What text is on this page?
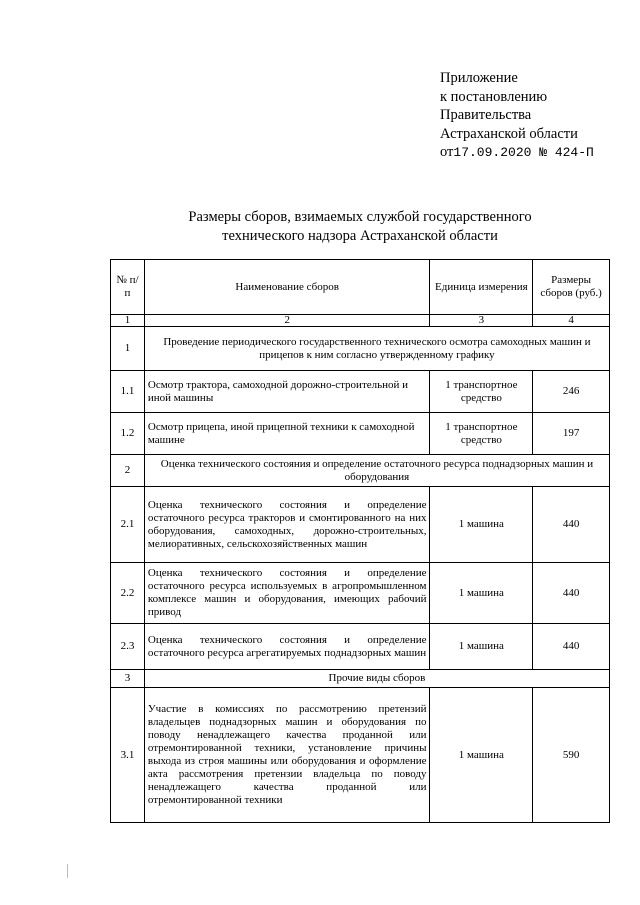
Приложение
к постановлению
Правительства
Астраханской области
от17.09.2020 № 424-П
Размеры сборов, взимаемых службой государственного
технического надзора Астраханской области
№ п/п	Наименование сборов	Единица измерения	Размеры сборов (руб.)
1	2	3	4
1	Проведение периодического государственного технического осмотра самоходных машин и прицепов к ним согласно утвержденному графику		
1.1	Осмотр трактора, самоходной дорожно-строительной и иной машины	1 транспортное средство	246
1.2	Осмотр прицепа, иной прицепной техники к самоходной машине	1 транспортное средство	197
2	Оценка технического состояния и определение остаточного ресурса поднадзорных машин и оборудования		
2.1	Оценка технического состояния и определение остаточного ресурса тракторов и смонтированного на них оборудования, самоходных, дорожно-строительных, мелиоративных, сельскохозяйственных машин	1 машина	440
2.2	Оценка технического состояния и определение остаточного ресурса используемых в агропромышленном комплексе машин и оборудования, имеющих рабочий привод	1 машина	440
2.3	Оценка технического состояния и определение остаточного ресурса агрегатируемых поднадзорных машин	1 машина	440
3	Прочие виды сборов		
3.1	Участие в комиссиях по рассмотрению претензий владельцев поднадзорных машин и оборудования по поводу ненадлежащего качества проданной или отремонтированной техники, установление причины выхода из строя машины или оборудования и оформление акта рассмотрения претензии владельца по поводу ненадлежащего качества проданной или отремонтированной техники	1 машина	590
